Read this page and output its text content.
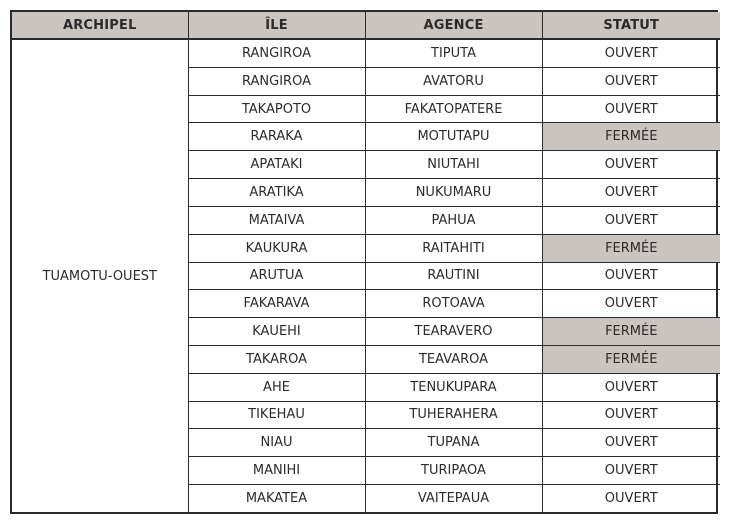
ARCHIPEL	ÎLE	AGENCE	STATUT
TUAMOTU-OUEST	RANGIROA	TIPUTA	OUVERT
	RANGIROA	AVATORU	OUVERT
	TAKAPOTO	FAKATOPATERE	OUVERT
	RARAKA	MOTUTAPU	FERMÉE
	APATAKI	NIUTAHI	OUVERT
	ARATIKA	NUKUMARU	OUVERT
	MATAIVA	PAHUA	OUVERT
	KAUKURA	RAITAHITI	FERMÉE
	ARUTUA	RAUTINI	OUVERT
	FAKARAVA	ROTOAVA	OUVERT
	KAUEHI	TEARAVERO	FERMÉE
	TAKAROA	TEAVAROA	FERMÉE
	AHE	TENUKUPARA	OUVERT
	TIKEHAU	TUHERAHERA	OUVERT
	NIAU	TUPANA	OUVERT
	MANIHI	TURIPAOA	OUVERT
	MAKATEA	VAITEPAUA	OUVERT
